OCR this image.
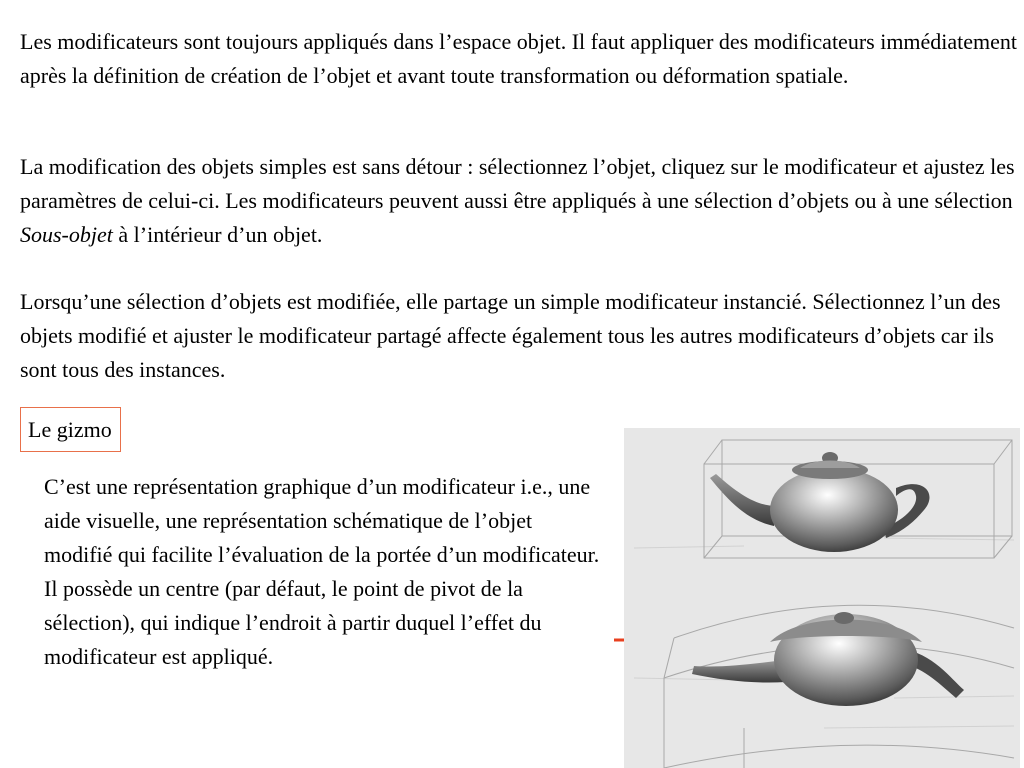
Les modificateurs sont toujours appliqués dans l’espace objet. Il faut appliquer des modificateurs immédiatement après la définition de création de l’objet et avant toute transformation ou déformation spatiale.

La modification des objets simples est sans détour : sélectionnez l’objet, cliquez sur le modificateur et ajustez les paramètres de celui-ci. Les modificateurs peuvent aussi être appliqués à une sélection d’objets ou à une sélection Sous-objet à l’intérieur d’un objet.

Lorsqu’une sélection d’objets est modifiée, elle partage un simple modificateur instancié. Sélectionnez l’un des objets modifié et ajuster le modificateur partagé affecte également tous les autres modificateurs d’objets car ils sont tous des instances.

Le gizmo

C’est une représentation graphique d’un modificateur i.e., une aide visuelle, une représentation schématique de l’objet modifié qui facilite l’évaluation de la portée d’un modificateur. Il possède un centre (par défaut, le point de pivot de la sélection), qui indique l’endroit à partir duquel l’effet du modificateur est appliqué.
